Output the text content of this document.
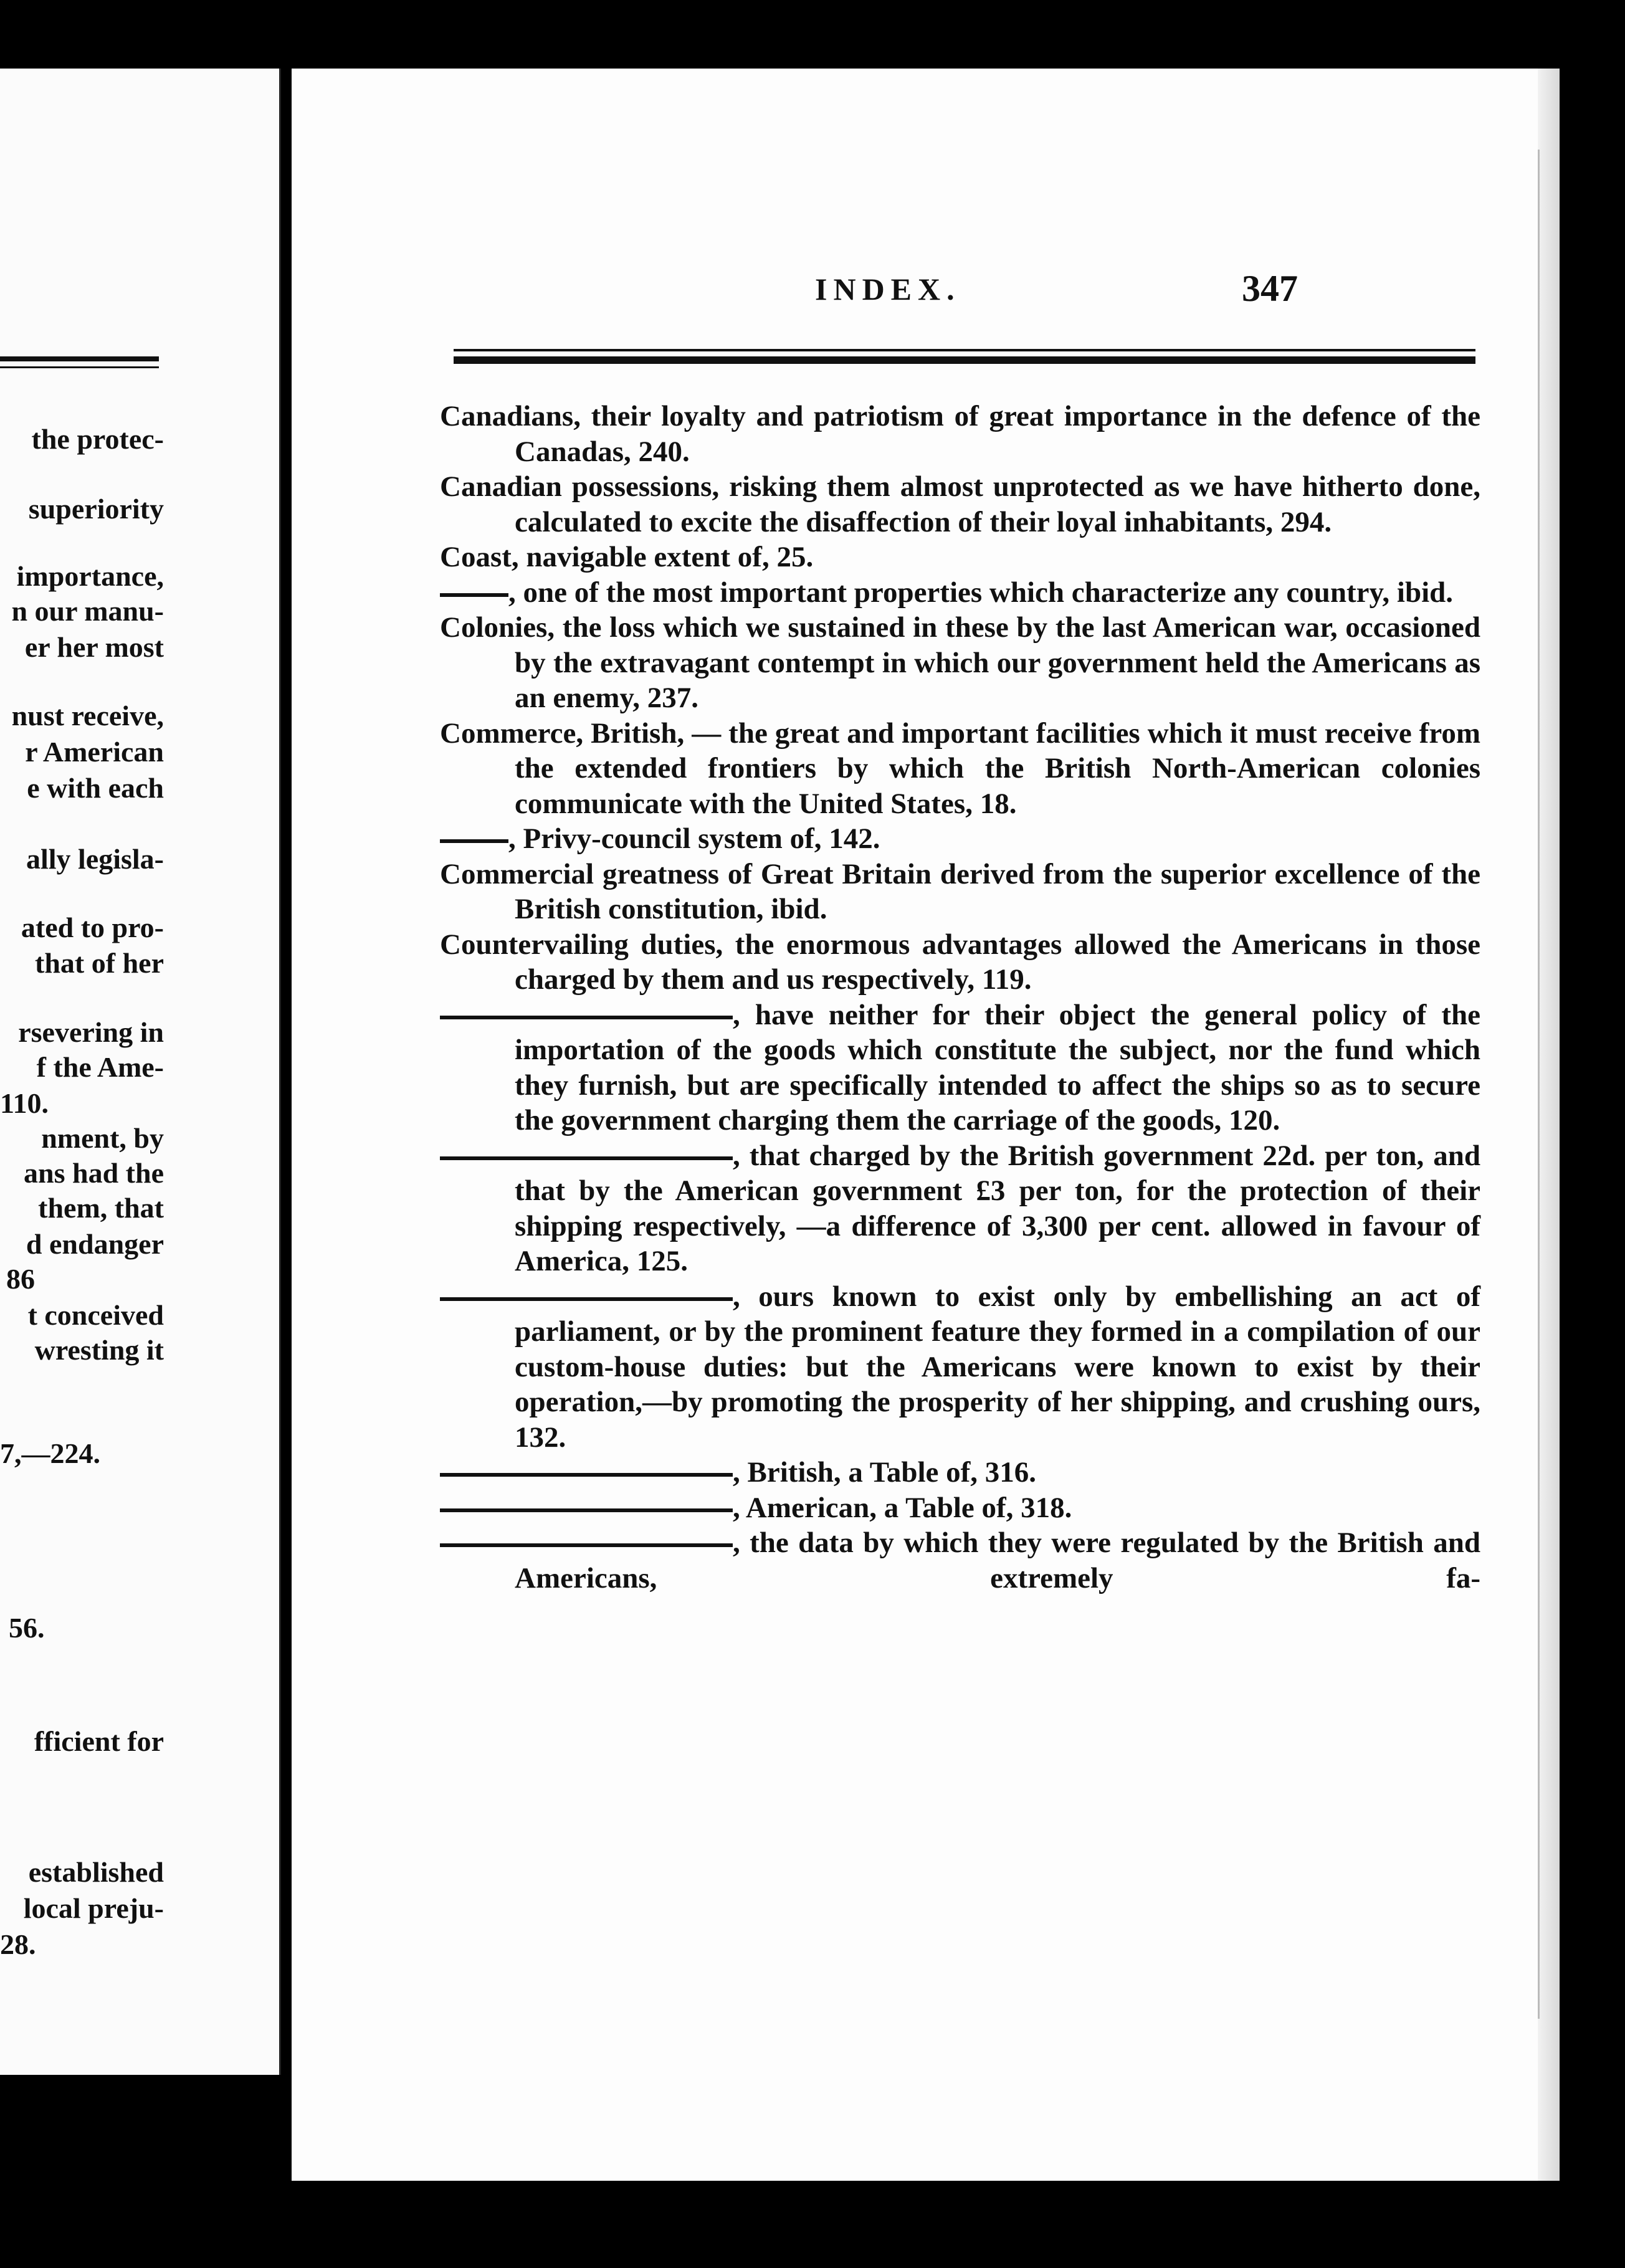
the protec-
superiority
importance,
n our manu-
er her most
nust receive,
r American
e with each
ally legisla-
ated to pro-
that of her
rsevering in
f the Ame-
110.
nment, by
ans had the
them, that
d endanger
86
t conceived
wresting it
7,—224.
56.
fficient for
established
local preju-
28.
INDEX.	347

Canadians, their loyalty and patriotism of great importance in the defence of the Canadas, 240.

Canadian possessions, risking them almost unprotected as we have hitherto done, calculated to excite the disaffection of their loyal inhabitants, 294.

Coast, navigable extent of, 25.

, one of the most important properties which characterize any country, ibid.

Colonies, the loss which we sustained in these by the last American war, occasioned by the extravagant contempt in which our government held the Americans as an enemy, 237.

Commerce, British, — the great and important facilities which it must receive from the extended frontiers by which the British North-American colonies communicate with the United States, 18.

, Privy-council system of, 142.

Commercial greatness of Great Britain derived from the superior excellence of the British constitution, ibid.

Countervailing duties, the enormous advantages allowed the Americans in those charged by them and us respectively, 119.

, have neither for their object the general policy of the importation of the goods which constitute the subject, nor the fund which they furnish, but are specifically intended to affect the ships so as to secure the government charging them the carriage of the goods, 120.

, that charged by the British government 22d. per ton, and that by the American government £3 per ton, for the protection of their shipping respectively, —a difference of 3,300 per cent. allowed in favour of America, 125.

, ours known to exist only by embellishing an act of parliament, or by the prominent feature they formed in a compilation of our custom-house duties: but the Americans were known to exist by their operation,—by promoting the prosperity of her shipping, and crushing ours, 132.

, British, a Table of, 316.

, American, a Table of, 318.

, the data by which they were regulated by the British and Americans, extremely fa-
